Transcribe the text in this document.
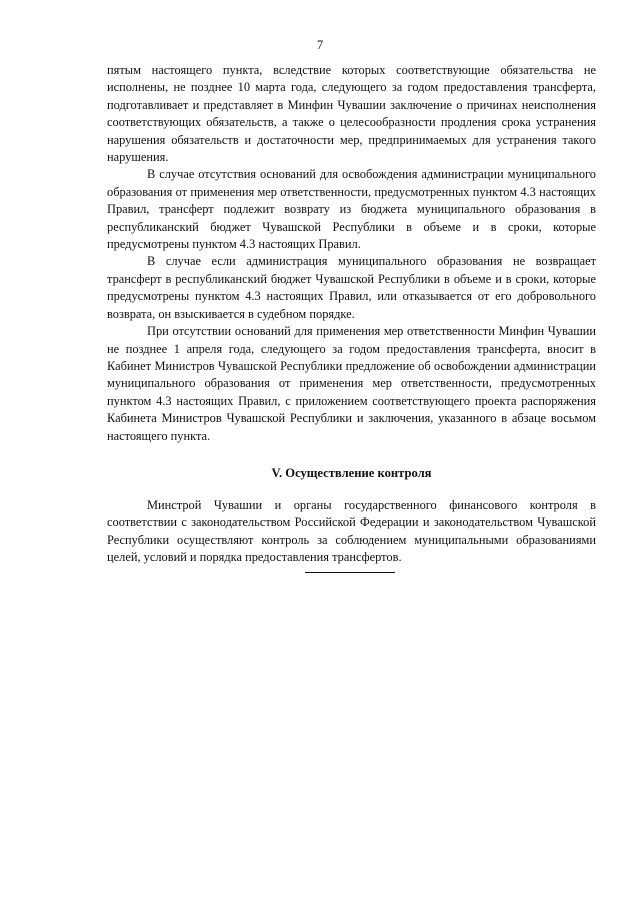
7

пятым настоящего пункта, вследствие которых соответствующие обязательства не исполнены, не позднее 10 марта года, следующего за годом предоставления трансферта, подготавливает и представляет в Минфин Чувашии заключение о причинах неисполнения соответствующих обязательств, а также о целесообразности продления срока устранения нарушения обязательств и достаточности мер, предпринимаемых для устранения такого нарушения.

В случае отсутствия оснований для освобождения администрации муниципального образования от применения мер ответственности, предусмотренных пунктом 4.3 настоящих Правил, трансферт подлежит возврату из бюджета муниципального образования в республиканский бюджет Чувашской Республики в объеме и в сроки, которые предусмотрены пунктом 4.3 настоящих Правил.

В случае если администрация муниципального образования не возвращает трансферт в республиканский бюджет Чувашской Республики в объеме и в сроки, которые предусмотрены пунктом 4.3 настоящих Правил, или отказывается от его добровольного возврата, он взыскивается в судебном порядке.

При отсутствии оснований для применения мер ответственности Минфин Чувашии не позднее 1 апреля года, следующего за годом предоставления трансферта, вносит в Кабинет Министров Чувашской Республики предложение об освобождении администрации муниципального образования от применения мер ответственности, предусмотренных пунктом 4.3 настоящих Правил, с приложением соответствующего проекта распоряжения Кабинета Министров Чувашской Республики и заключения, указанного в абзаце восьмом настоящего пункта.

V. Осуществление контроля

Минстрой Чувашии и органы государственного финансового контроля в соответствии с законодательством Российской Федерации и законодательством Чувашской Республики осуществляют контроль за соблюдением муниципальными образованиями целей, условий и порядка предоставления трансфертов.
